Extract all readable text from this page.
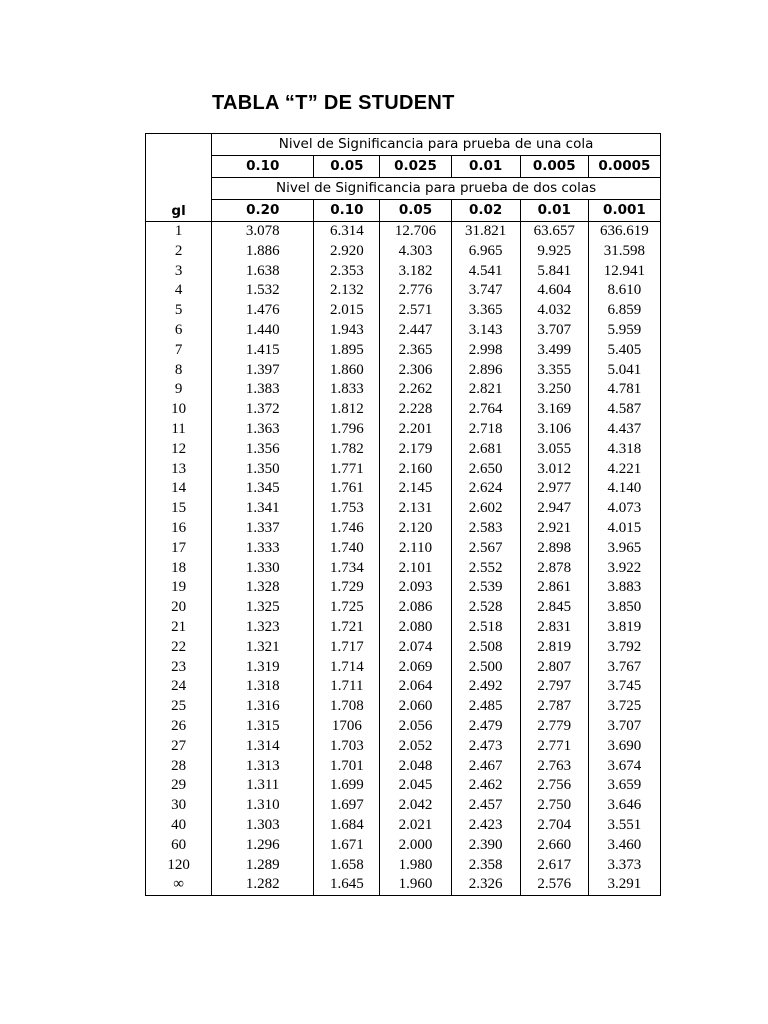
TABLA “T” DE STUDENT
gl	Nivel de Significancia para prueba de una cola					
	0.10	0.05	0.025	0.01	0.005	0.0005
	Nivel de Significancia para prueba de dos colas					
	0.20	0.10	0.05	0.02	0.01	0.001
1	3.078	6.314	12.706	31.821	63.657	636.619
2	1.886	2.920	4.303	6.965	9.925	31.598
3	1.638	2.353	3.182	4.541	5.841	12.941
4	1.532	2.132	2.776	3.747	4.604	8.610
5	1.476	2.015	2.571	3.365	4.032	6.859
6	1.440	1.943	2.447	3.143	3.707	5.959
7	1.415	1.895	2.365	2.998	3.499	5.405
8	1.397	1.860	2.306	2.896	3.355	5.041
9	1.383	1.833	2.262	2.821	3.250	4.781
10	1.372	1.812	2.228	2.764	3.169	4.587
11	1.363	1.796	2.201	2.718	3.106	4.437
12	1.356	1.782	2.179	2.681	3.055	4.318
13	1.350	1.771	2.160	2.650	3.012	4.221
14	1.345	1.761	2.145	2.624	2.977	4.140
15	1.341	1.753	2.131	2.602	2.947	4.073
16	1.337	1.746	2.120	2.583	2.921	4.015
17	1.333	1.740	2.110	2.567	2.898	3.965
18	1.330	1.734	2.101	2.552	2.878	3.922
19	1.328	1.729	2.093	2.539	2.861	3.883
20	1.325	1.725	2.086	2.528	2.845	3.850
21	1.323	1.721	2.080	2.518	2.831	3.819
22	1.321	1.717	2.074	2.508	2.819	3.792
23	1.319	1.714	2.069	2.500	2.807	3.767
24	1.318	1.711	2.064	2.492	2.797	3.745
25	1.316	1.708	2.060	2.485	2.787	3.725
26	1.315	1706	2.056	2.479	2.779	3.707
27	1.314	1.703	2.052	2.473	2.771	3.690
28	1.313	1.701	2.048	2.467	2.763	3.674
29	1.311	1.699	2.045	2.462	2.756	3.659
30	1.310	1.697	2.042	2.457	2.750	3.646
40	1.303	1.684	2.021	2.423	2.704	3.551
60	1.296	1.671	2.000	2.390	2.660	3.460
120	1.289	1.658	1.980	2.358	2.617	3.373
∞	1.282	1.645	1.960	2.326	2.576	3.291
